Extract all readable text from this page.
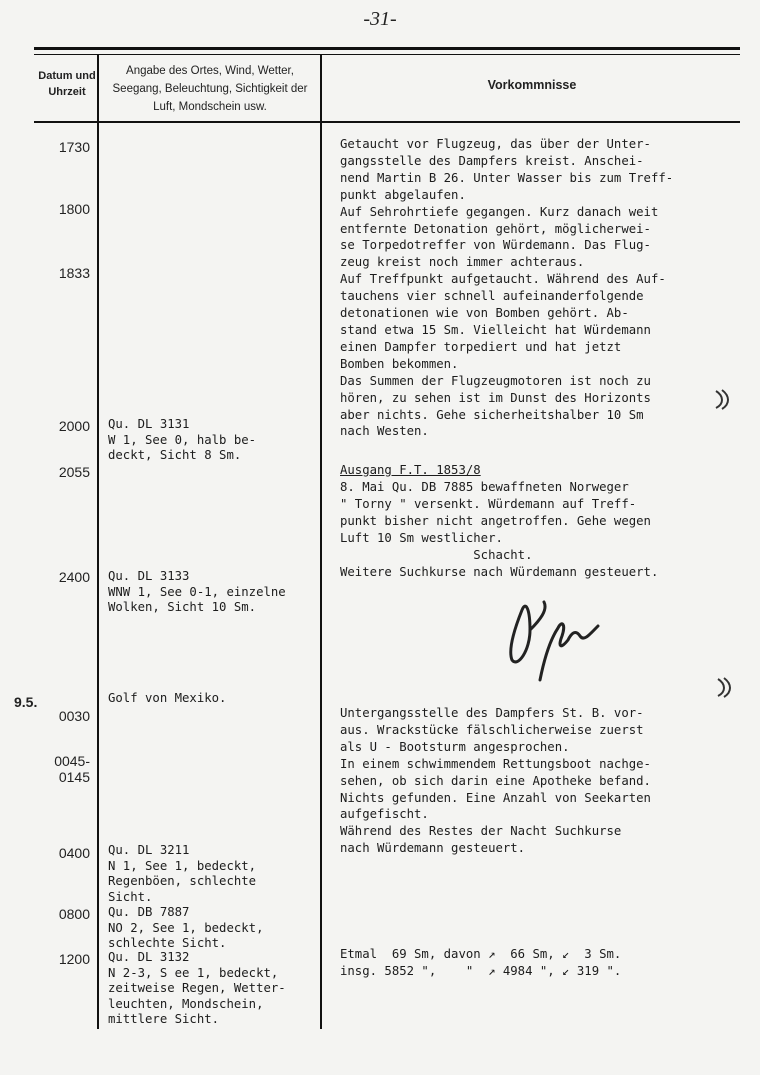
-31-
Datum und Uhrzeit
Angabe des Ortes, Wind, Wetter, Seegang, Beleuchtung, Sichtigkeit der Luft, Mondschein usw.
Vorkommnisse
9.5.
1730
1800
1833
2000
2055
2400
0030
0045-
0145
0400
0800
1200
Qu. DL 3131
W 1, See 0, halb be-
deckt, Sicht 8 Sm.
Qu. DL 3133
WNW 1, See 0-1, einzelne
Wolken, Sicht 10 Sm.
Golf von Mexiko.
Qu. DL 3211
N 1, See 1, bedeckt,
Regenböen, schlechte
Sicht.
Qu. DB 7887
NO 2, See 1, bedeckt,
schlechte Sicht.
Qu. DL 3132
N 2-3, S ee 1, bedeckt,
zeitweise Regen, Wetter-
leuchten, Mondschein,
mittlere Sicht.
Getaucht vor Flugzeug, das über der Unter-
gangsstelle des Dampfers kreist. Anschei-
nend Martin B 26. Unter Wasser bis zum Treff-
punkt abgelaufen.
Auf Sehrohrtiefe gegangen. Kurz danach weit
entfernte Detonation gehört, möglicherwei-
se Torpedotreffer von Würdemann. Das Flug-
zeug kreist noch immer achteraus.
Auf Treffpunkt aufgetaucht. Während des Auf-
tauchens vier schnell aufeinanderfolgende
detonationen wie von Bomben gehört. Ab-
stand etwa 15 Sm. Vielleicht hat Würdemann
einen Dampfer torpediert und hat jetzt
Bomben bekommen.
Das Summen der Flugzeugmotoren ist noch zu
hören, zu sehen ist im Dunst des Horizonts
aber nichts. Gehe sicherheitshalber 10 Sm
nach Westen.
Ausgang F.T. 1853/8
8. Mai Qu. DB 7885 bewaffneten Norweger
" Torny " versenkt. Würdemann auf Treff-
punkt bisher nicht angetroffen. Gehe wegen
Luft 10 Sm westlicher.
Schacht.
Weitere Suchkurse nach Würdemann gesteuert.
Untergangsstelle des Dampfers St. B. vor-
aus. Wrackstücke fälschlicherweise zuerst
als U - Bootsturm angesprochen.
In einem schwimmendem Rettungsboot nachge-
sehen, ob sich darin eine Apotheke befand.
Nichts gefunden. Eine Anzahl von Seekarten
aufgefischt.
Während des Restes der Nacht Suchkurse
nach Würdemann gesteuert.
Etmal  69 Sm, davon ↗  66 Sm, ↙  3 Sm.
insg. 5852 ",    "  ↗ 4984 ", ↙ 319 ".
